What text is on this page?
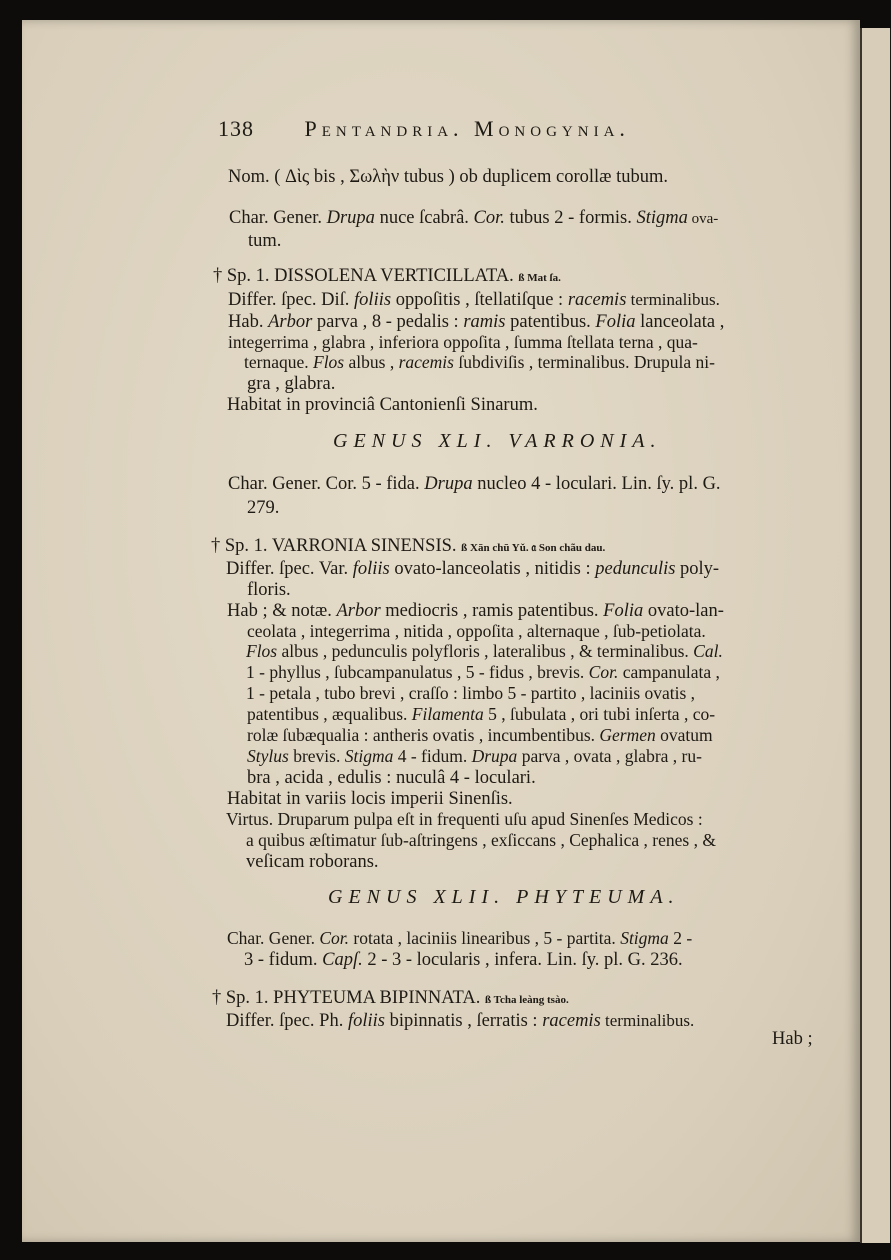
138 Pentandria. Monogynia.
Nom. ( Δὶς bis , Σωλὴν tubus ) ob duplicem corollæ tubum.
Char. Gener. Drupa nuce ſcabrâ. Cor. tubus 2 - formis. Stigma ova-
tum.
† Sp. 1. DISSOLENA VERTICILLATA. ß Mat ſa.
Differ. ſpec. Diſ. foliis oppoſitis , ſtellatiſque : racemis terminalibus.
Hab. Arbor parva , 8 - pedalis : ramis patentibus. Folia lanceolata ,
integerrima , glabra , inferiora oppoſita , ſumma ſtellata terna , qua-
ternaque. Flos albus , racemis ſubdiviſis , terminalibus. Drupula ni-
gra , glabra.
Habitat in provinciâ Cantonienſi Sinarum.
GENUS XLI. VARRONIA.
Char. Gener. Cor. 5 - fida. Drupa nucleo 4 - loculari. Lin. ſy. pl. G.
279.
† Sp. 1. VARRONIA SINENSIS. ß Xān chū Yǔ. 𝔞 Son chãu dau.
Differ. ſpec. Var. foliis ovato-lanceolatis , nitidis : pedunculis poly-
floris.
Hab ; & notæ. Arbor mediocris , ramis patentibus. Folia ovato-lan-
ceolata , integerrima , nitida , oppoſita , alternaque , ſub-petiolata.
Flos albus , pedunculis polyfloris , lateralibus , & terminalibus. Cal.
1 - phyllus , ſubcampanulatus , 5 - fidus , brevis. Cor. campanulata ,
1 - petala , tubo brevi , craſſo : limbo 5 - partito , laciniis ovatis ,
patentibus , æqualibus. Filamenta 5 , ſubulata , ori tubi inſerta , co-
rolæ ſubæqualia : antheris ovatis , incumbentibus. Germen ovatum
Stylus brevis. Stigma 4 - fidum. Drupa parva , ovata , glabra , ru-
bra , acida , edulis : nuculâ 4 - loculari.
Habitat in variis locis imperii Sinenſis.
Virtus. Druparum pulpa eſt in frequenti uſu apud Sinenſes Medicos :
a quibus æſtimatur ſub-aſtringens , exſiccans , Cephalica , renes , &
veſicam roborans.
GENUS XLII. PHYTEUMA.
Char. Gener. Cor. rotata , laciniis linearibus , 5 - partita. Stigma 2 -
3 - fidum. Capſ. 2 - 3 - locularis , infera. Lin. ſy. pl. G. 236.
† Sp. 1. PHYTEUMA BIPINNATA. ß Tcha leàng tsào.
Differ. ſpec. Ph. foliis bipinnatis , ſerratis : racemis terminalibus.
Hab ;
